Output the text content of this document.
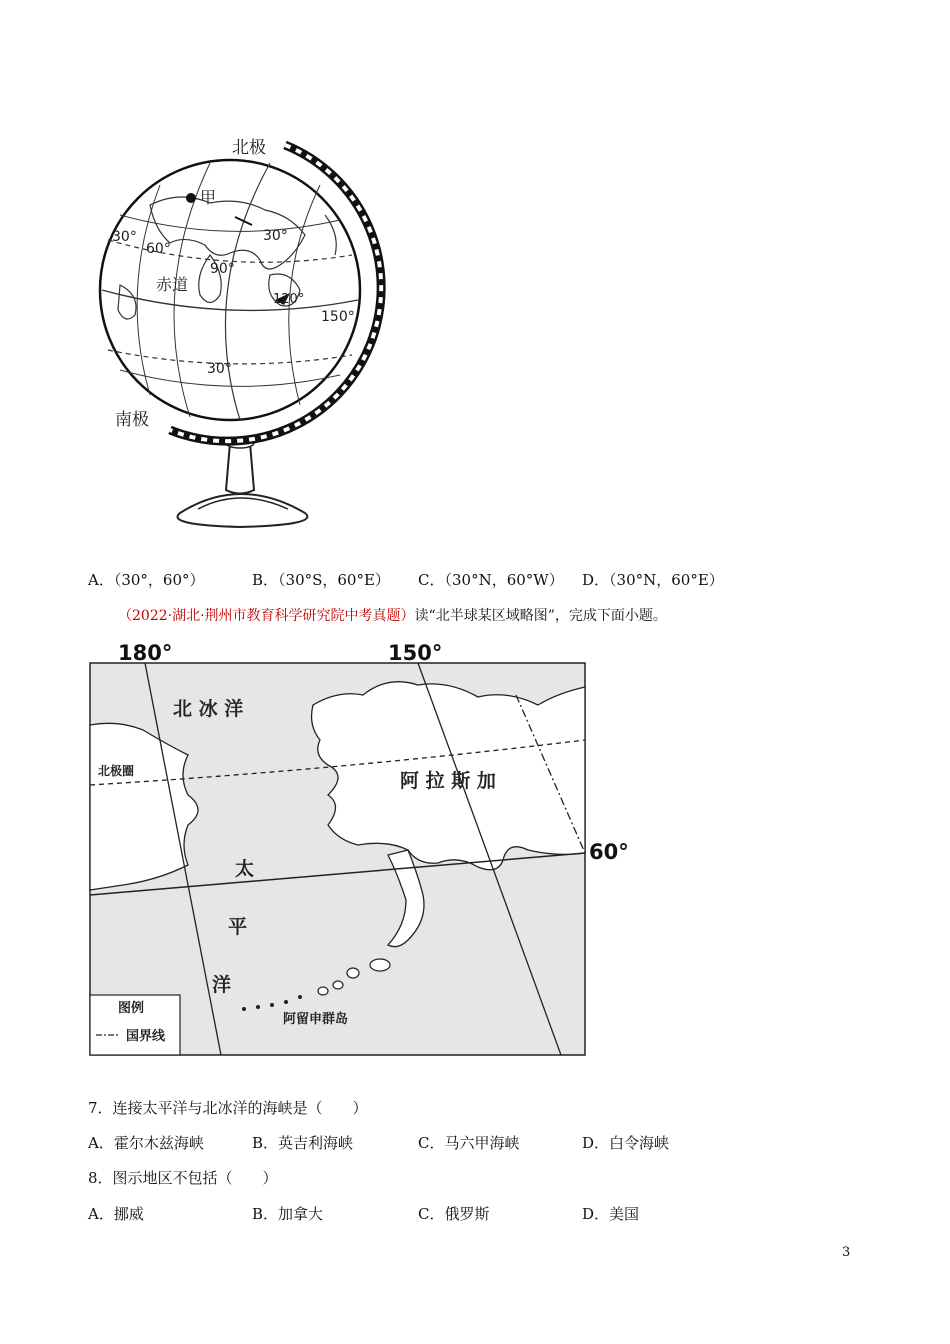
北极
南极
甲
赤道
30°
60°
30°
90°
120°
150°
30°
A．（30°，60°）	B．（30°S，60°E） C．（30°N，60°W） D．（30°N，60°E）
（2022·湖北·荆州市教育科学研究院中考真题）读“北半球某区域略图”，完成下面小题。
180°	150°
60°
北 冰 洋
北极圈	阿 拉 斯 加
太
平
洋
阿留申群岛
图例
国界线
7．连接太平洋与北冰洋的海峡是（　　）
A．霍尔木兹海峡	B．英吉利海峡	C．马六甲海峡	D．白令海峡
8．图示地区不包括（　　）
A．挪威	B．加拿大	C．俄罗斯	D．美国
3
